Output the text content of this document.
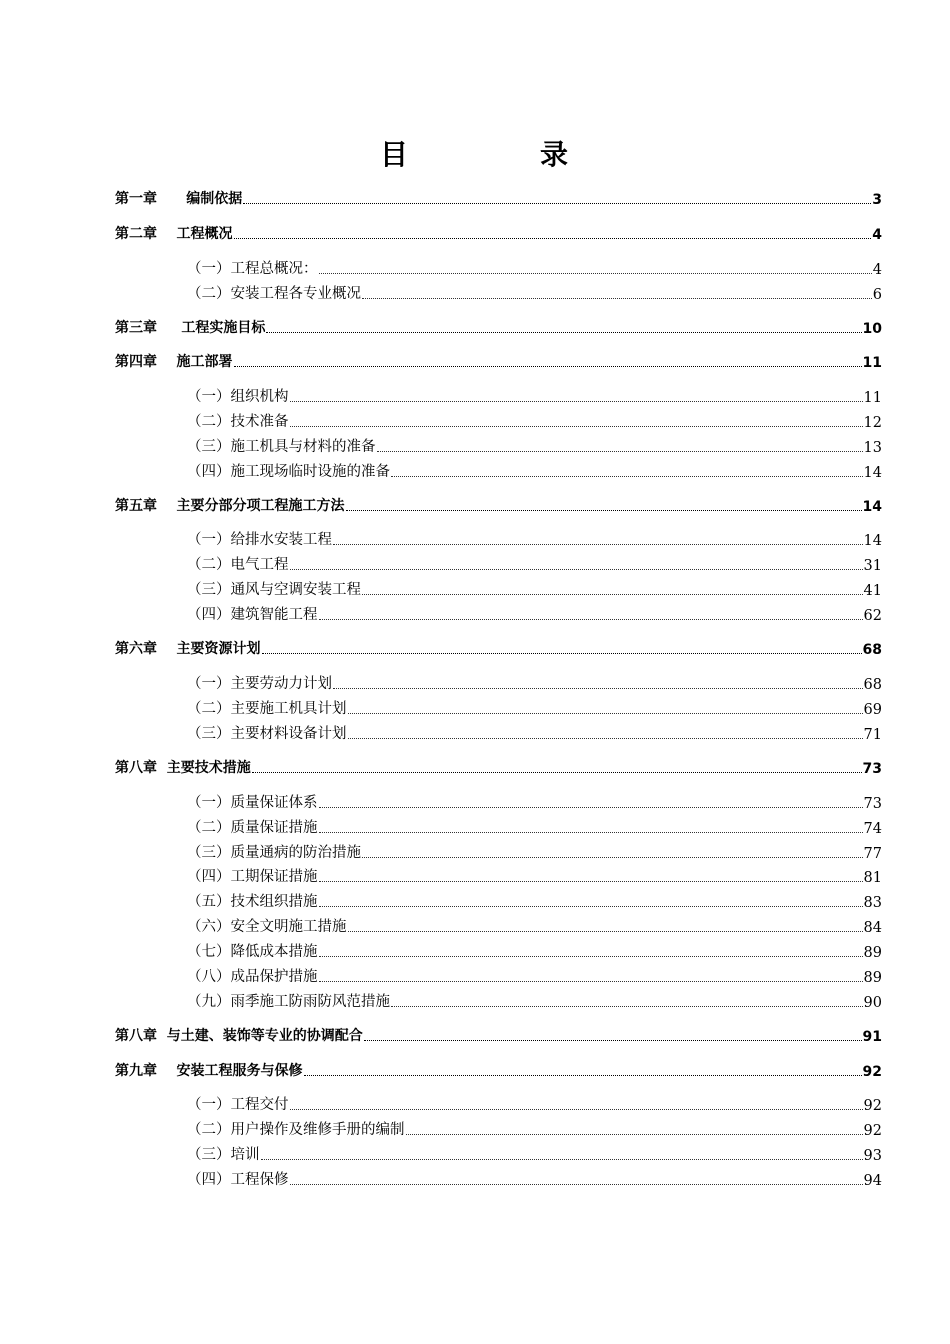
目	录
第一章      编制依据	3
第二章    工程概况	4
（一）工程总概况：	4
（二）安装工程各专业概况	6
第三章     工程实施目标	10
第四章    施工部署	11
（一）组织机构	11
（二）技术准备	12
（三）施工机具与材料的准备	13
（四）施工现场临时设施的准备	14
第五章    主要分部分项工程施工方法	14
（一）给排水安装工程	14
（二）电气工程	31
（三）通风与空调安装工程	41
（四）建筑智能工程	62
第六章    主要资源计划	68
（一）主要劳动力计划	68
（二）主要施工机具计划	69
（三）主要材料设备计划	71
第八章  主要技术措施	73
（一）质量保证体系	73
（二）质量保证措施	74
（三）质量通病的防治措施	77
（四）工期保证措施	81
（五）技术组织措施	83
（六）安全文明施工措施	84
（七）降低成本措施	89
（八）成品保护措施	89
（九）雨季施工防雨防风范措施	90
第八章  与土建、装饰等专业的协调配合	91
第九章    安装工程服务与保修	92
（一）工程交付	92
（二）用户操作及维修手册的编制	92
（三）培训	93
（四）工程保修	94
